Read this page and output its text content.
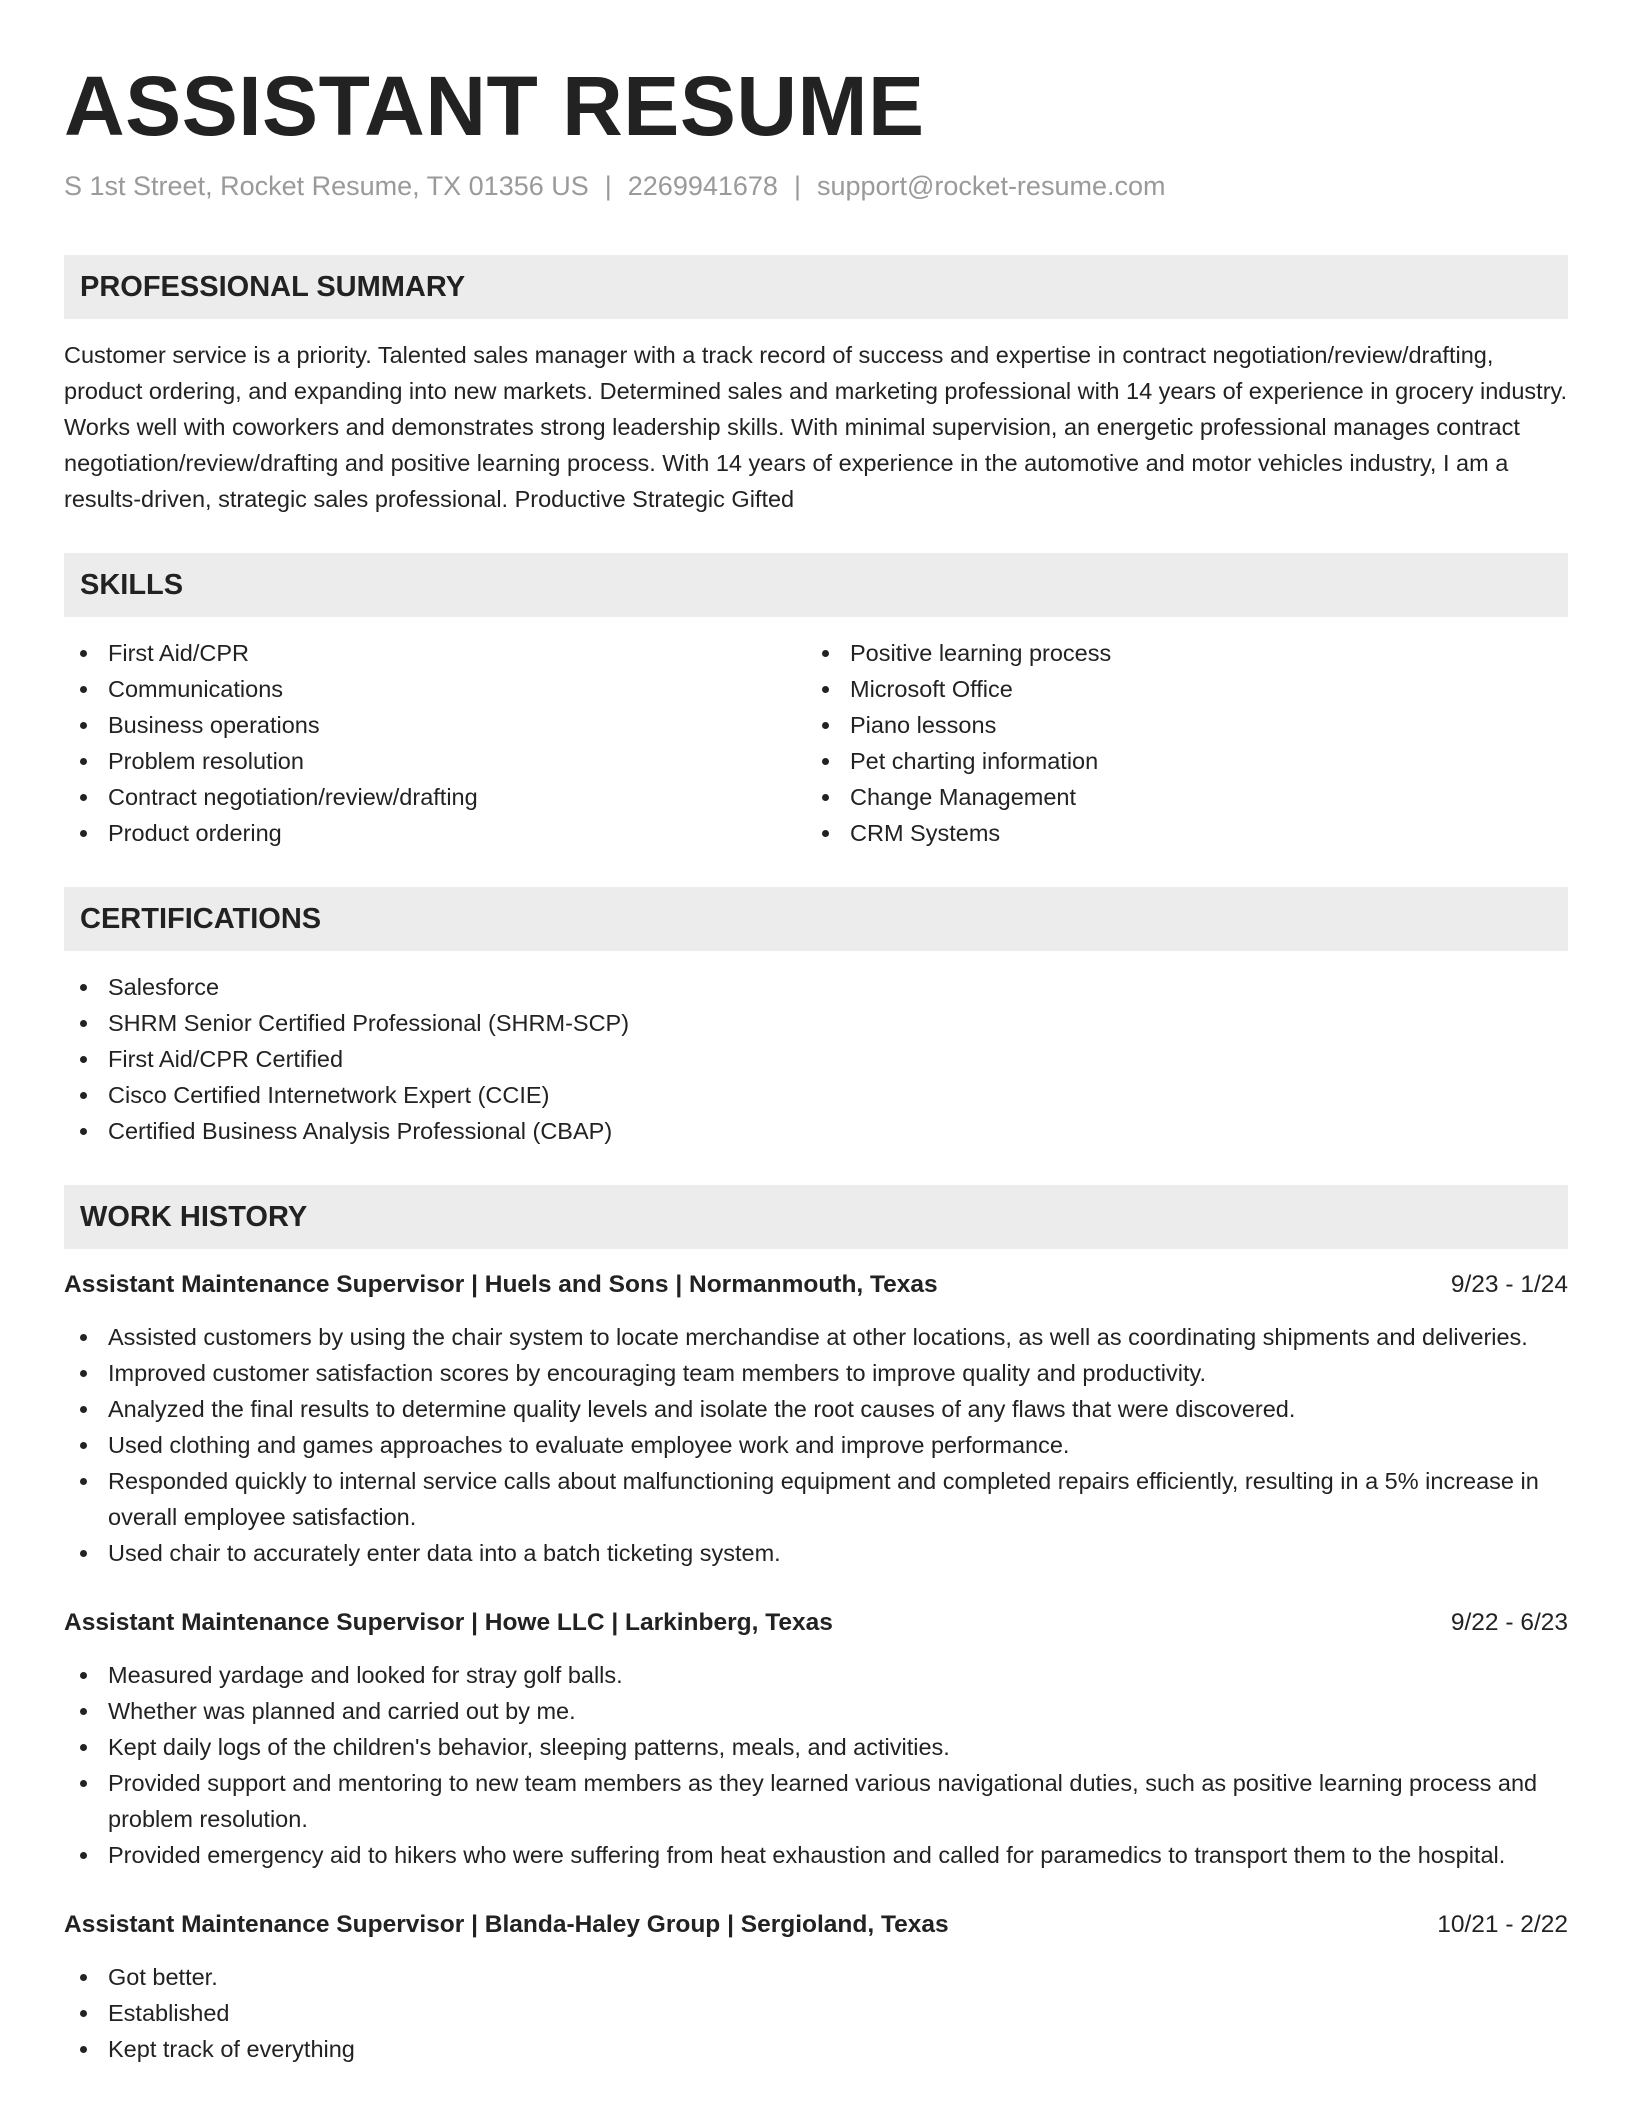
ASSISTANT RESUME
S 1st Street, Rocket Resume, TX 01356 US | 2269941678 | support@rocket-resume.com
PROFESSIONAL SUMMARY

Customer service is a priority. Talented sales manager with a track record of success and expertise in contract negotiation/review/drafting, product ordering, and expanding into new markets. Determined sales and marketing professional with 14 years of experience in grocery industry. Works well with coworkers and demonstrates strong leadership skills. With minimal supervision, an energetic professional manages contract negotiation/review/drafting and positive learning process. With 14 years of experience in the automotive and motor vehicles industry, I am a results-driven, strategic sales professional. Productive Strategic Gifted

SKILLS
First Aid/CPR
Communications
Business operations
Problem resolution
Contract negotiation/review/drafting
Product ordering
Positive learning process
Microsoft Office
Piano lessons
Pet charting information
Change Management
CRM Systems
CERTIFICATIONS
Salesforce
SHRM Senior Certified Professional (SHRM-SCP)
First Aid/CPR Certified
Cisco Certified Internetwork Expert (CCIE)
Certified Business Analysis Professional (CBAP)
WORK HISTORY
Assistant Maintenance Supervisor | Huels and Sons | Normanmouth, Texas	9/23 - 1/24
Assisted customers by using the chair system to locate merchandise at other locations, as well as coordinating shipments and deliveries.
Improved customer satisfaction scores by encouraging team members to improve quality and productivity.
Analyzed the final results to determine quality levels and isolate the root causes of any flaws that were discovered.
Used clothing and games approaches to evaluate employee work and improve performance.
Responded quickly to internal service calls about malfunctioning equipment and completed repairs efficiently, resulting in a 5% increase in overall employee satisfaction.
Used chair to accurately enter data into a batch ticketing system.
Assistant Maintenance Supervisor | Howe LLC | Larkinberg, Texas	9/22 - 6/23
Measured yardage and looked for stray golf balls.
Whether was planned and carried out by me.
Kept daily logs of the children's behavior, sleeping patterns, meals, and activities.
Provided support and mentoring to new team members as they learned various navigational duties, such as positive learning process and problem resolution.
Provided emergency aid to hikers who were suffering from heat exhaustion and called for paramedics to transport them to the hospital.
Assistant Maintenance Supervisor | Blanda-Haley Group | Sergioland, Texas	10/21 - 2/22
Got better.
Established
Kept track of everything
